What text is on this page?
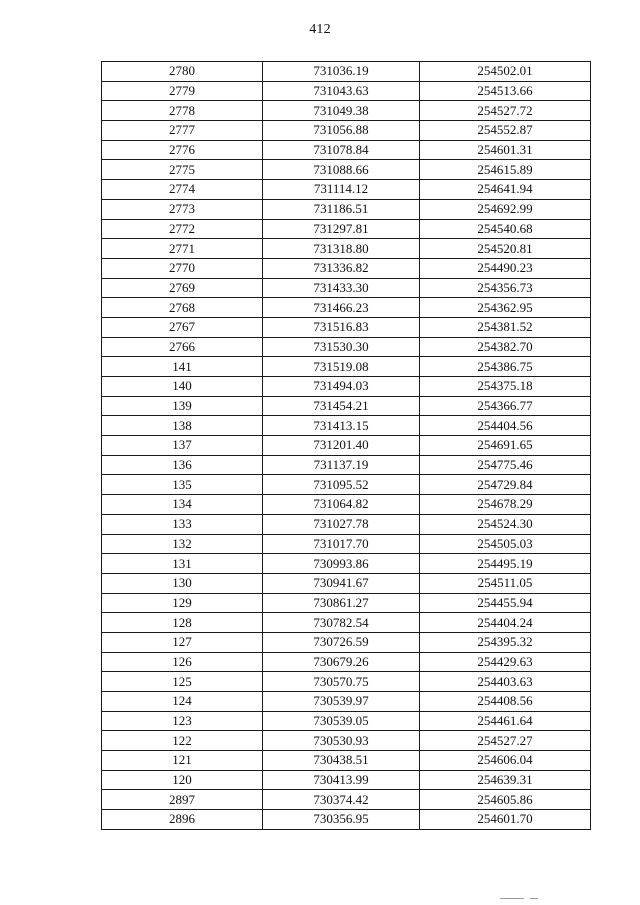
412
2780	731036.19	254502.01
2779	731043.63	254513.66
2778	731049.38	254527.72
2777	731056.88	254552.87
2776	731078.84	254601.31
2775	731088.66	254615.89
2774	731114.12	254641.94
2773	731186.51	254692.99
2772	731297.81	254540.68
2771	731318.80	254520.81
2770	731336.82	254490.23
2769	731433.30	254356.73
2768	731466.23	254362.95
2767	731516.83	254381.52
2766	731530.30	254382.70
141	731519.08	254386.75
140	731494.03	254375.18
139	731454.21	254366.77
138	731413.15	254404.56
137	731201.40	254691.65
136	731137.19	254775.46
135	731095.52	254729.84
134	731064.82	254678.29
133	731027.78	254524.30
132	731017.70	254505.03
131	730993.86	254495.19
130	730941.67	254511.05
129	730861.27	254455.94
128	730782.54	254404.24
127	730726.59	254395.32
126	730679.26	254429.63
125	730570.75	254403.63
124	730539.97	254408.56
123	730539.05	254461.64
122	730530.93	254527.27
121	730438.51	254606.04
120	730413.99	254639.31
2897	730374.42	254605.86
2896	730356.95	254601.70
